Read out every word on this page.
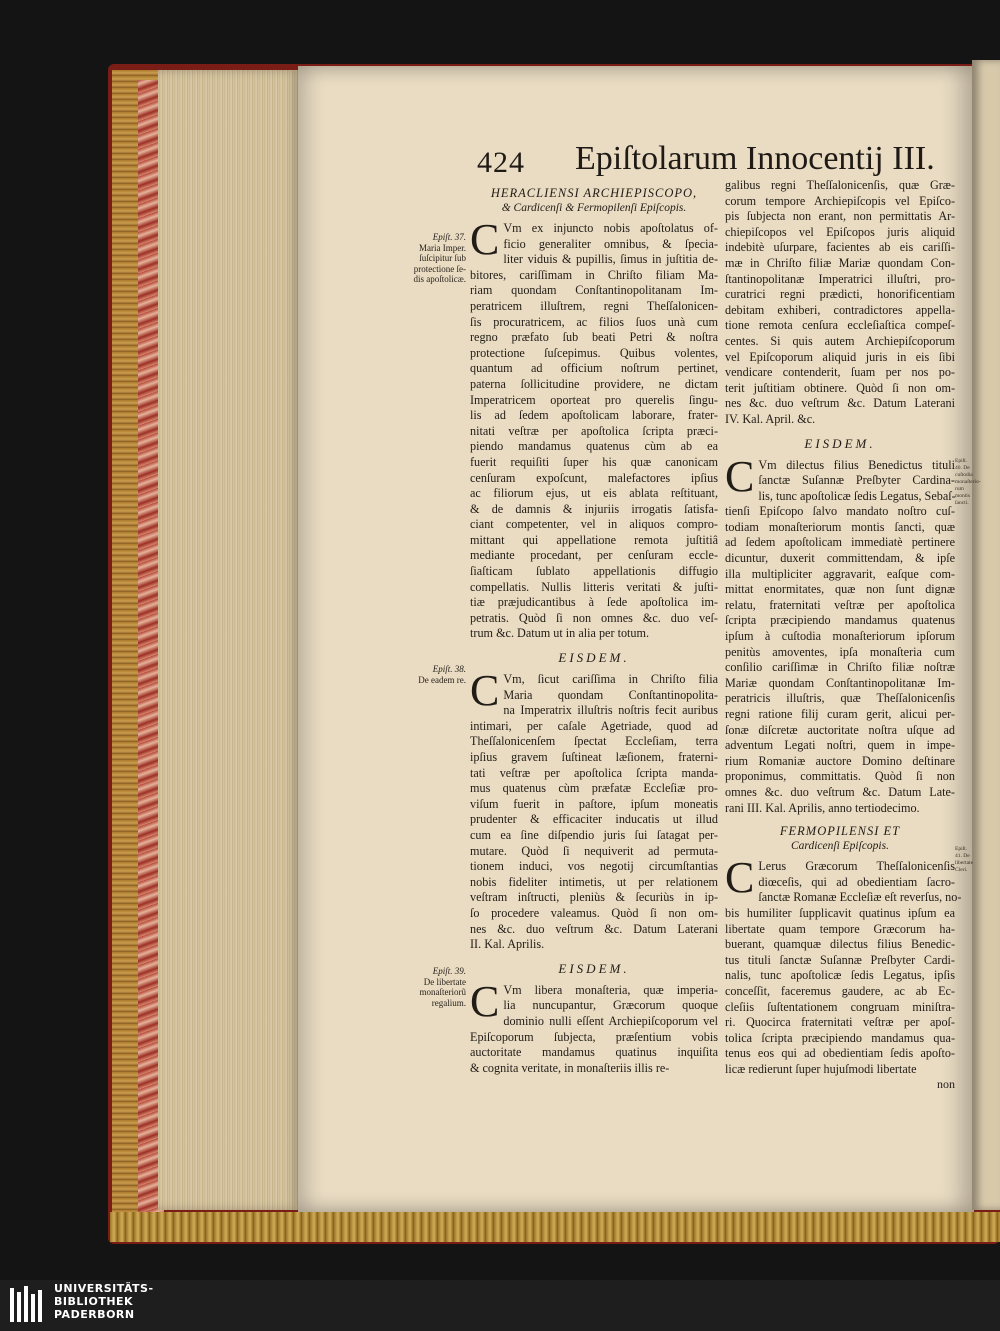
424 Epiſtolarum Innocentij III.
Epiſt. 37.
Maria Imper. ſuſcipitur ſub protectione ſe- dis apoſtolicæ.
Epiſt. 38.
De eadem re.
Epiſt. 39.
De libertate monaſteriorũ regalium.
Epiſt. 40. De cuſtodia monaſterio- rum montis ſancti.
Epiſt. 41. De libertate Cleri.

HERACLIENSI ARCHIEPISCOPO,

& Cardicenſi & Fermopilenſi Epiſcopis.

C Vm ex injuncto nobis apoſtolatus of-
ficio generaliter omnibus, & ſpecia-
liter viduis & pupillis, ſimus in juſtitia de-
bitores, cariſſimam in Chriſto filiam Ma-
riam quondam Conſtantinopolitanam Im-
peratricem illuſtrem, regni Theſſalonicen-
ſis procuratricem, ac filios ſuos unà cum
regno præfato ſub beati Petri & noſtra
protectione ſuſcepimus. Quibus volentes,
quantum ad officium noſtrum pertinet,
paterna ſollicitudine providere, ne dictam
Imperatricem oporteat pro querelis ſingu-
lis ad ſedem apoſtolicam laborare, frater-
nitati veſtræ per apoſtolica ſcripta præci-
piendo mandamus quatenus cùm ab ea
fuerit requiſiti ſuper his quæ canonicam
cenſuram expoſcunt, malefactores ipſius
ac filiorum ejus, ut eis ablata reſtituant,
& de damnis & injuriis irrogatis ſatisfa-
ciant competenter, vel in aliquos compro-
mittant qui appellatione remota juſtitiâ
mediante procedant, per cenſuram eccle-
ſiaſticam ſublato appellationis diffugio
compellatis. Nullis litteris veritati & juſti-
tiæ præjudicantibus à ſede apoſtolica im-
petratis. Quòd ſi non omnes &c. duo veſ-
trum &c. Datum ut in alia per totum.

EISDEM.

C Vm, ſicut cariſſima in Chriſto filia
Maria quondam Conſtantinopolita-
na Imperatrix illuſtris noſtris fecit auribus
intimari, per caſale Agetriade, quod ad
Theſſalonicenſem ſpectat Eccleſiam, terra
ipſius gravem ſuſtineat læſionem, fraterni-
tati veſtræ per apoſtolica ſcripta manda-
mus quatenus cùm præfatæ Eccleſiæ pro-
viſum fuerit in paſtore, ipſum moneatis
prudenter & efficaciter inducatis ut illud
cum ea ſine diſpendio juris ſui ſatagat per-
mutare. Quòd ſi nequiverit ad permuta-
tionem induci, vos negotij circumſtantias
nobis fideliter intimetis, ut per relationem
veſtram inſtructi, pleniùs & ſecuriùs in ip-
ſo procedere valeamus. Quòd ſi non om-
nes &c. duo veſtrum &c. Datum Laterani
II. Kal. Aprilis.

EISDEM.

C Vm libera monaſteria, quæ imperia-
lia nuncupantur, Græcorum quoque
dominio nulli eſſent Archiepiſcoporum vel
Epiſcoporum ſubjecta, præſentium vobis
auctoritate mandamus quatinus inquiſita
& cognita veritate, in monaſteriis illis re-
galibus regni Theſſalonicenſis, quæ Græ-
corum tempore Archiepiſcopis vel Epiſco-
pis ſubjecta non erant, non permittatis Ar-
chiepiſcopos vel Epiſcopos juris aliquid
indebitè uſurpare, facientes ab eis cariſſi-
mæ in Chriſto filiæ Mariæ quondam Con-
ſtantinopolitanæ Imperatrici illuſtri, pro-
curatrici regni prædicti, honorificentiam
debitam exhiberi, contradictores appella-
tione remota cenſura eccleſiaſtica compeſ-
centes. Si quis autem Archiepiſcoporum
vel Epiſcoporum aliquid juris in eis ſibi
vendicare contenderit, ſuam per nos po-
terit juſtitiam obtinere. Quòd ſi non om-
nes &c. duo veſtrum &c. Datum Laterani
IV. Kal. April. &c.

EISDEM.

C Vm dilectus filius Benedictus tituli
ſanctæ Suſannæ Preſbyter Cardina-
lis, tunc apoſtolicæ ſedis Legatus, Sebaſ-
tienſi Epiſcopo ſalvo mandato noſtro cuſ-
todiam monaſteriorum montis ſancti, quæ
ad ſedem apoſtolicam immediatè pertinere
dicuntur, duxerit committendam, & ipſe
illa multipliciter aggravarit, eaſque com-
mittat enormitates, quæ non ſunt dignæ
relatu, fraternitati veſtræ per apoſtolica
ſcripta præcipiendo mandamus quatenus
ipſum à cuſtodia monaſteriorum ipſorum
penitùs amoventes, ipſa monaſteria cum
conſilio cariſſimæ in Chriſto filiæ noſtræ
Mariæ quondam Conſtantinopolitanæ Im-
peratricis illuſtris, quæ Theſſalonicenſis
regni ratione filij curam gerit, alicui per-
ſonæ diſcretæ auctoritate noſtra uſque ad
adventum Legati noſtri, quem in impe-
rium Romaniæ auctore Domino deſtinare
proponimus, committatis. Quòd ſi non
omnes &c. duo veſtrum &c. Datum Late-
rani III. Kal. Aprilis, anno tertiodecimo.

FERMOPILENSI ET

Cardicenſi Epiſcopis.

C Lerus Græcorum Theſſalonicenſis
diœceſis, qui ad obedientiam ſacro-
ſanctæ Romanæ Eccleſiæ eſt reverſus, no-
bis humiliter ſupplicavit quatinus ipſum ea
libertate quam tempore Græcorum ha-
buerant, quamquæ dilectus filius Benedic-
tus tituli ſanctæ Suſannæ Preſbyter Cardi-
nalis, tunc apoſtolicæ ſedis Legatus, ipſis
conceſſit, faceremus gaudere, ac ab Ec-
cleſiis ſuſtentationem congruam miniſtra-
ri. Quocirca fraternitati veſtræ per apoſ-
tolica ſcripta præcipiendo mandamus qua-
tenus eos qui ad obedientiam ſedis apoſto-
licæ redierunt ſuper hujuſmodi libertate
non
UNIVERSITÄTS-
BIBLIOTHEK
PADERBORN
